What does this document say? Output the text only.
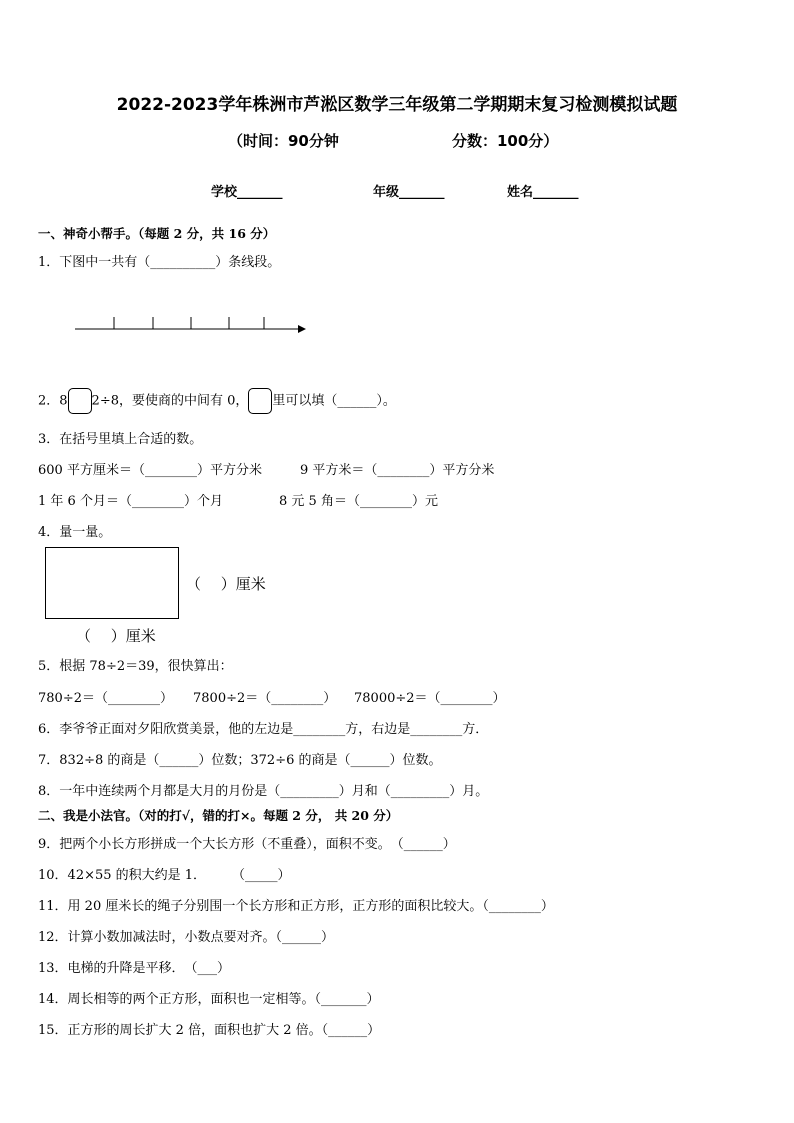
2022-2023学年株洲市芦淞区数学三年级第二学期期末复习检测模拟试题
（时间：90分钟	分数：100分）
学校_______	年级_______	姓名_______
一、神奇小帮手。（每题 2 分，共 16 分）
1．下图中一共有（__________）条线段。
2．8 2÷8，要使商的中间有 0， 里可以填（______）。
3．在括号里填上合适的数。
600 平方厘米＝（________）平方分米	9 平方米＝（________）平方分米
1 年 6 个月＝（________）个月	8 元 5 角＝（________）元
4．量一量。
（　 ）厘米
（　 ）厘米
5．根据 78÷2＝39，很快算出：
780÷2＝（________） 7800÷2＝（________） 78000÷2＝（________）
6．李爷爷正面对夕阳欣赏美景，他的左边是________方，右边是________方．
7．832÷8 的商是（______）位数；372÷6 的商是（______）位数。
8．一年中连续两个月都是大月的月份是（_________）月和（_________）月。
二、我是小法官。（对的打√，错的打×。每题 2 分， 共 20 分）
9．把两个小长方形拼成一个大长方形（不重叠），面积不变。　（______）
10．42×55 的积大约是 1．　　　（_____）
11．用 20 厘米长的绳子分别围一个长方形和正方形，正方形的面积比较大。（________）
12．计算小数加减法时，小数点要对齐。（______）
13．电梯的升降是平移．　（___）
14．周长相等的两个正方形，面积也一定相等。（_______）
15．正方形的周长扩大 2 倍，面积也扩大 2 倍。（______）
